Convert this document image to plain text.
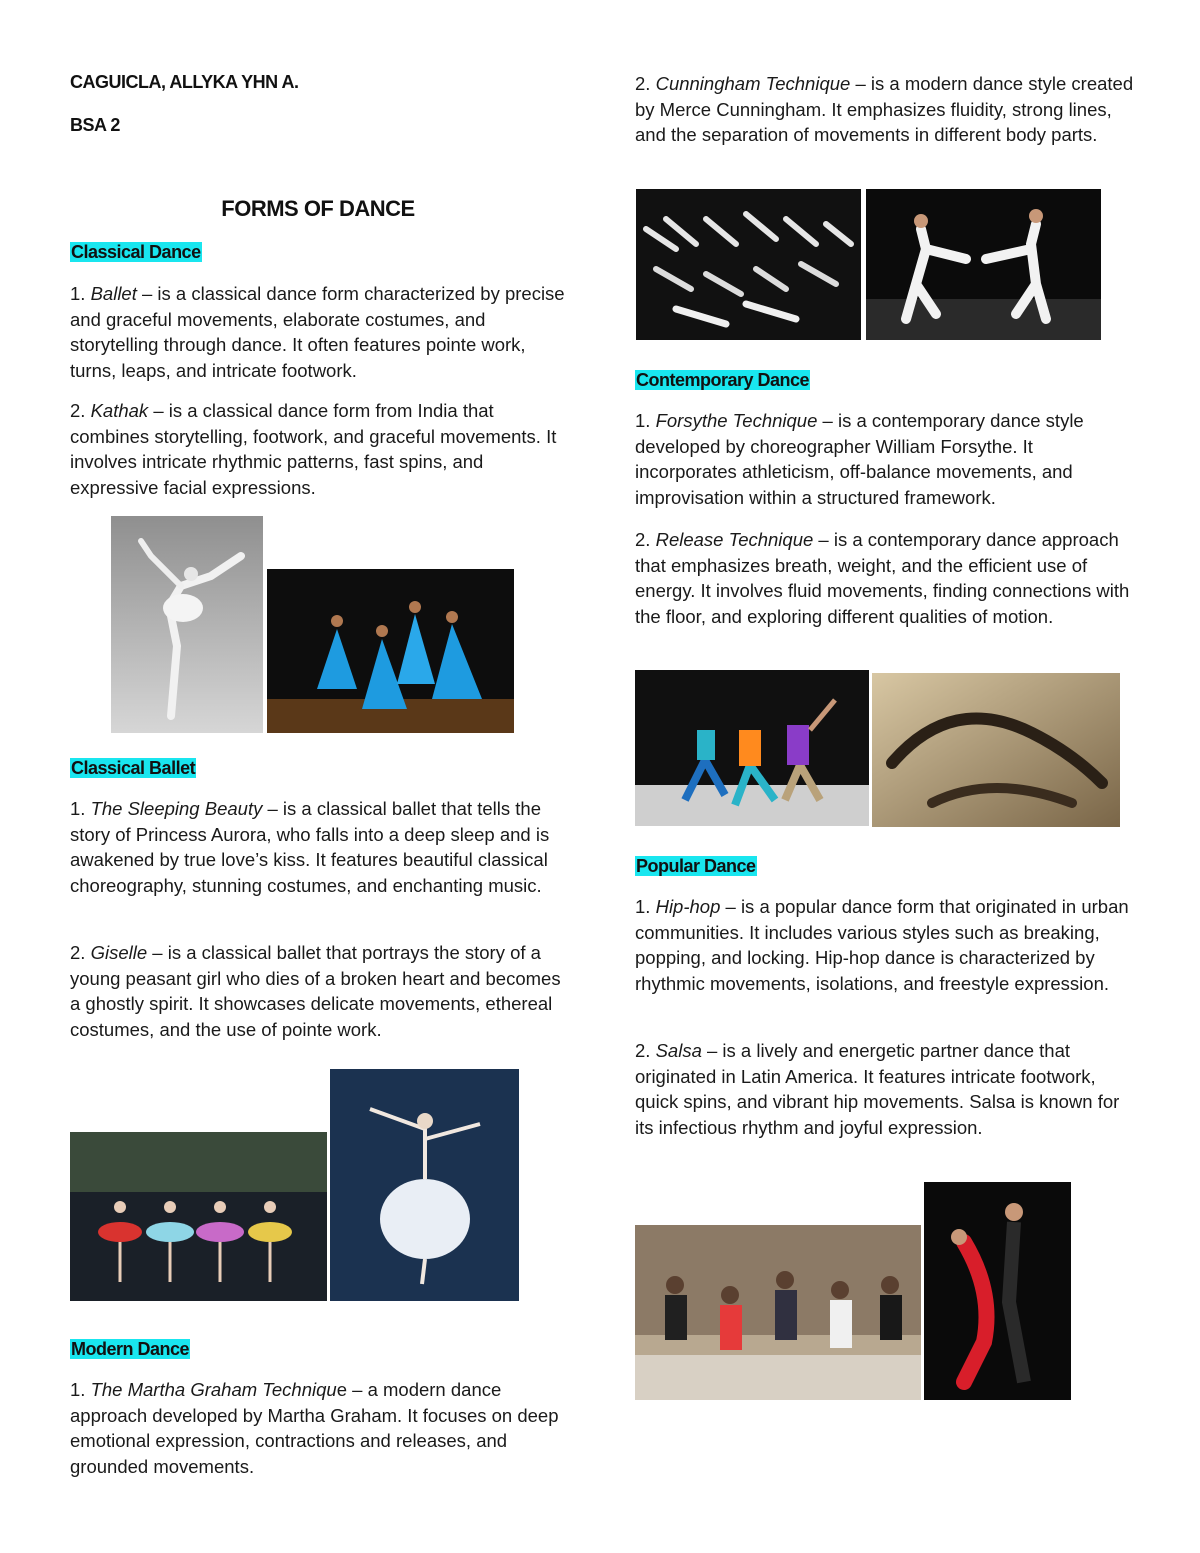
CAGUICLA, ALLYKA YHN A.
BSA 2
FORMS OF DANCE
Classical Dance
1. Ballet – is a classical dance form characterized by precise and graceful movements, elaborate costumes, and storytelling through dance. It often features pointe work, turns, leaps, and intricate footwork.
2. Kathak – is a classical dance form from India that combines storytelling, footwork, and graceful movements. It involves intricate rhythmic patterns, fast spins, and expressive facial expressions.
Classical Ballet
1. The Sleeping Beauty – is a classical ballet that tells the story of Princess Aurora, who falls into a deep sleep and is awakened by true love’s kiss. It features beautiful classical choreography, stunning costumes, and enchanting music.
2. Giselle – is a classical ballet that portrays the story of a young peasant girl who dies of a broken heart and becomes a ghostly spirit. It showcases delicate movements, ethereal costumes, and the use of pointe work.
Modern Dance
1. The Martha Graham Technique – a modern dance approach developed by Martha Graham. It focuses on deep emotional expression, contractions and releases, and grounded movements.
2. Cunningham Technique – is a modern dance style created by Merce Cunningham. It emphasizes fluidity, strong lines, and the separation of movements in different body parts.
Contemporary Dance
1. Forsythe Technique – is a contemporary dance style developed by choreographer William Forsythe. It incorporates athleticism, off-balance movements, and improvisation within a structured framework.
2. Release Technique – is a contemporary dance approach that emphasizes breath, weight, and the efficient use of energy. It involves fluid movements, finding connections with the floor, and exploring different qualities of motion.
Popular Dance
1. Hip-hop – is a popular dance form that originated in urban communities. It includes various styles such as breaking, popping, and locking. Hip-hop dance is characterized by rhythmic movements, isolations, and freestyle expression.
2. Salsa – is a lively and energetic partner dance that originated in Latin America. It features intricate footwork, quick spins, and vibrant hip movements. Salsa is known for its infectious rhythm and joyful expression.
